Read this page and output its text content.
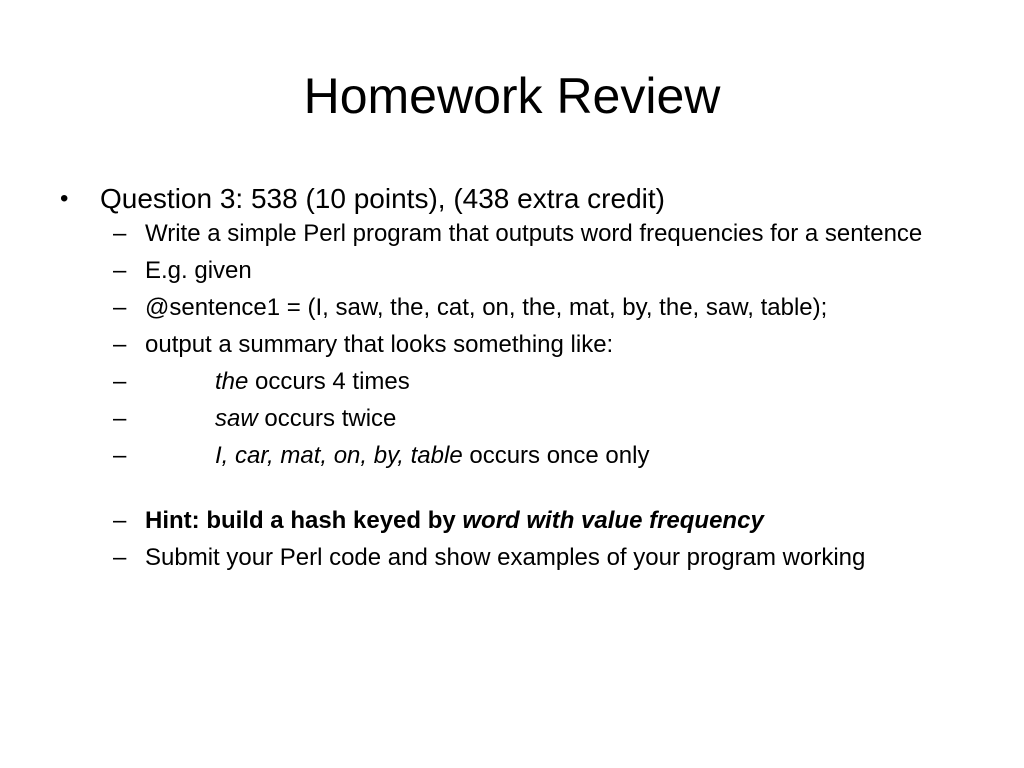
Homework Review
•	Question 3: 538 (10 points), (438 extra credit)
– Write a simple Perl program that outputs word frequencies for a sentence
– E.g. given
– @sentence1 = (I, saw, the, cat, on, the, mat, by, the, saw, table);
– output a summary that looks something like:
–	the occurs 4 times
–	saw occurs twice
–	I, car, mat, on, by, table occurs once only
– Hint: build a hash keyed by word with value frequency
– Submit your Perl code and show examples of your program working
